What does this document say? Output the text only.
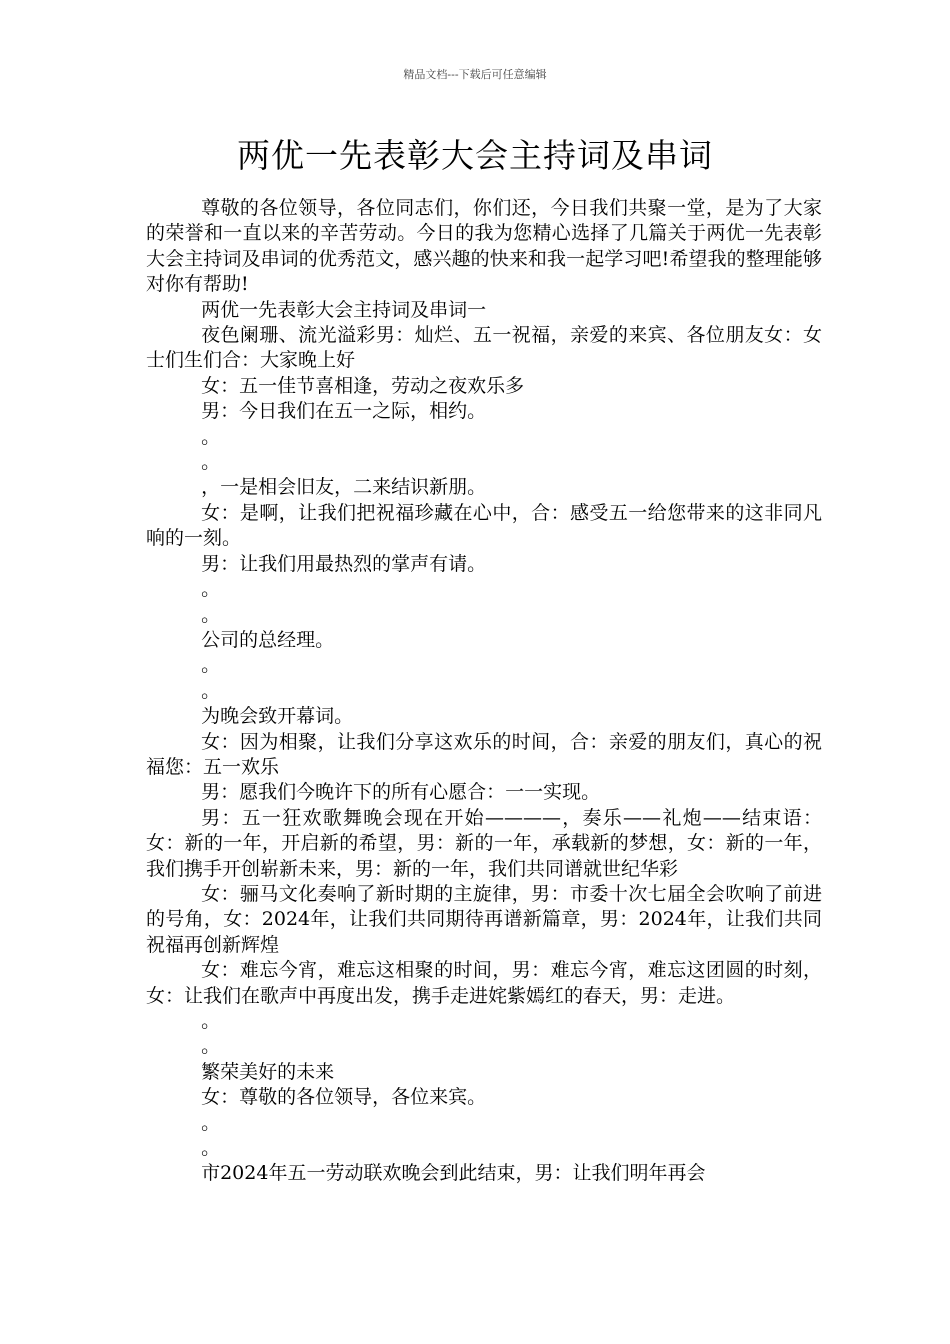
精品文档---下载后可任意编辑
两优一先表彰大会主持词及串词

尊敬的各位领导，各位同志们，你们还，今日我们共聚一堂，是为了大家的荣誉和一直以来的辛苦劳动。今日的我为您精心选择了几篇关于两优一先表彰大会主持词及串词的优秀范文，感兴趣的快来和我一起学习吧!希望我的整理能够对你有帮助!

两优一先表彰大会主持词及串词一

夜色阑珊、流光溢彩男：灿烂、五一祝福，亲爱的来宾、各位朋友女：女士们生们合：大家晚上好

女：五一佳节喜相逢，劳动之夜欢乐多

男：今日我们在五一之际，相约。

。

。

，一是相会旧友，二来结识新朋。

女：是啊，让我们把祝福珍藏在心中，合：感受五一给您带来的这非同凡响的一刻。

男：让我们用最热烈的掌声有请。

。

。

公司的总经理。

。

。

为晚会致开幕词。

女：因为相聚，让我们分享这欢乐的时间，合：亲爱的朋友们，真心的祝福您：五一欢乐

男：愿我们今晚许下的所有心愿合：一一实现。

男：五一狂欢歌舞晚会现在开始————，奏乐——礼炮——结束语：女：新的一年，开启新的希望，男：新的一年，承载新的梦想，女：新的一年，我们携手开创崭新未来，男：新的一年，我们共同谱就世纪华彩

女：骊马文化奏响了新时期的主旋律，男：市委十次七届全会吹响了前进的号角，女：2024年，让我们共同期待再谱新篇章，男：2024年，让我们共同祝福再创新辉煌

女：难忘今宵，难忘这相聚的时间，男：难忘今宵，难忘这团圆的时刻，女：让我们在歌声中再度出发，携手走进姹紫嫣红的春天，男：走进。

。

。

繁荣美好的未来

女：尊敬的各位领导，各位来宾。

。

。

市2024年五一劳动联欢晚会到此结束，男：让我们明年再会
